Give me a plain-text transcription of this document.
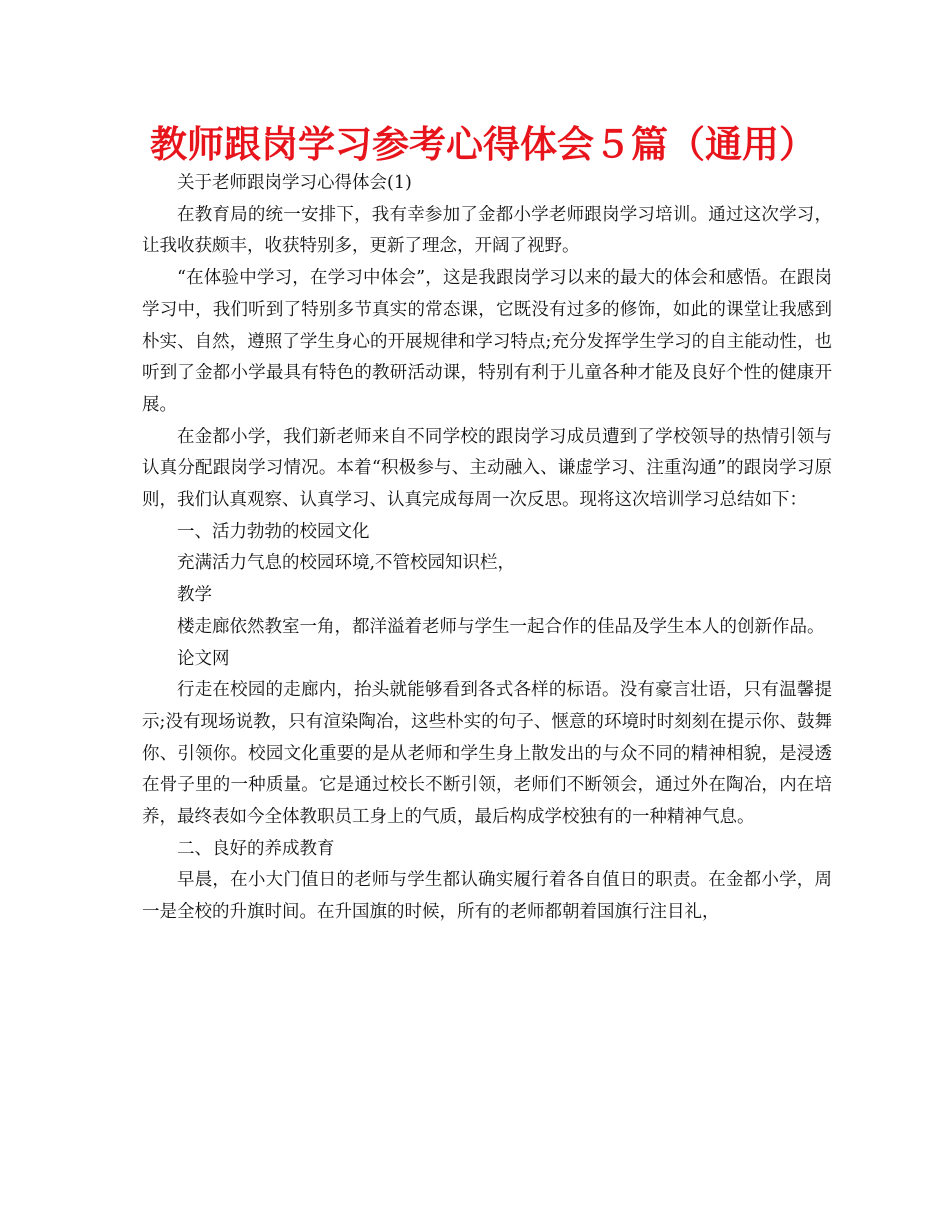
教师跟岗学习参考心得体会５篇（通用）

关于老师跟岗学习心得体会(1)

在教育局的统一安排下，我有幸参加了金都小学老师跟岗学习培训。通过这次学习，让我收获颇丰，收获特别多，更新了理念，开阔了视野。

“在体验中学习，在学习中体会”，这是我跟岗学习以来的最大的体会和感悟。在跟岗学习中，我们听到了特别多节真实的常态课，它既没有过多的修饰，如此的课堂让我感到朴实、自然，遵照了学生身心的开展规律和学习特点;充分发挥学生学习的自主能动性，也听到了金都小学最具有特色的教研活动课，特别有利于儿童各种才能及良好个性的健康开展。

在金都小学，我们新老师来自不同学校的跟岗学习成员遭到了学校领导的热情引领与认真分配跟岗学习情况。本着“积极参与、主动融入、谦虚学习、注重沟通”的跟岗学习原则，我们认真观察、认真学习、认真完成每周一次反思。现将这次培训学习总结如下：

一、活力勃勃的校园文化

充满活力气息的校园环境,不管校园知识栏，

教学

楼走廊依然教室一角，都洋溢着老师与学生一起合作的佳品及学生本人的创新作品。

论文网

行走在校园的走廊内，抬头就能够看到各式各样的标语。没有豪言壮语，只有温馨提示;没有现场说教，只有渲染陶冶，这些朴实的句子、惬意的环境时时刻刻在提示你、鼓舞你、引领你。校园文化重要的是从老师和学生身上散发出的与众不同的精神相貌，是浸透在骨子里的一种质量。它是通过校长不断引领，老师们不断领会，通过外在陶冶，内在培养，最终表如今全体教职员工身上的气质，最后构成学校独有的一种精神气息。

二、良好的养成教育

早晨，在小大门值日的老师与学生都认确实履行着各自值日的职责。在金都小学，周一是全校的升旗时间。在升国旗的时候，所有的老师都朝着国旗行注目礼，
